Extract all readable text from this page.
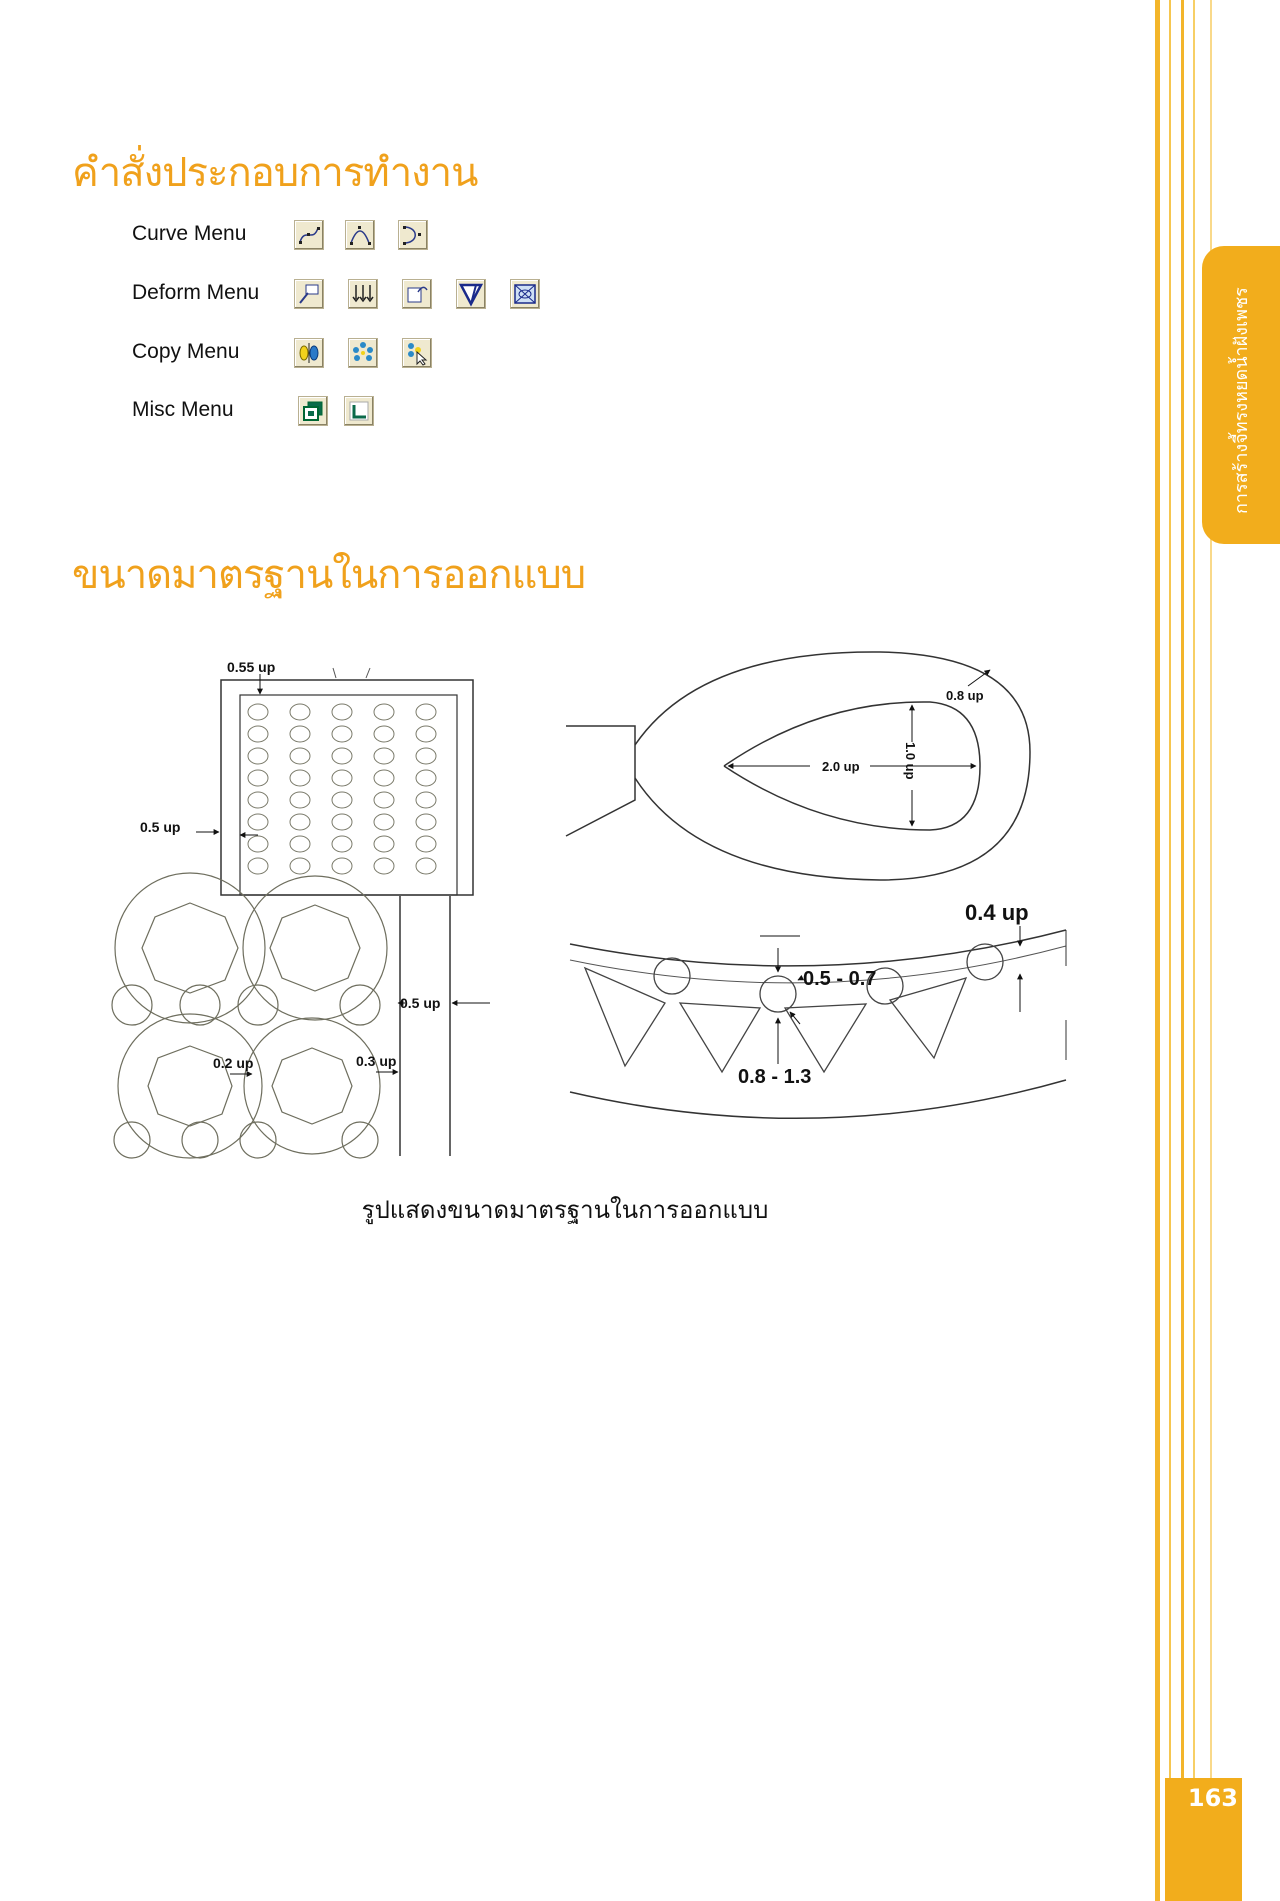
การสร้างจี้ทรงหยดน้ำฝังเพชร
163
คำสั่งประกอบการทำงาน
ขนาดมาตรฐานในการออกแบบ
Curve Menu
Deform Menu
Copy Menu
Misc Menu
0.55 up
0.5 up
2.0 up	1.0 up
0.8 up
0.5 up
0.2 up	0.3 up
0.5 - 0.7
0.8 - 1.3
0.4 up
รูปแสดงขนาดมาตรฐานในการออกแบบ
